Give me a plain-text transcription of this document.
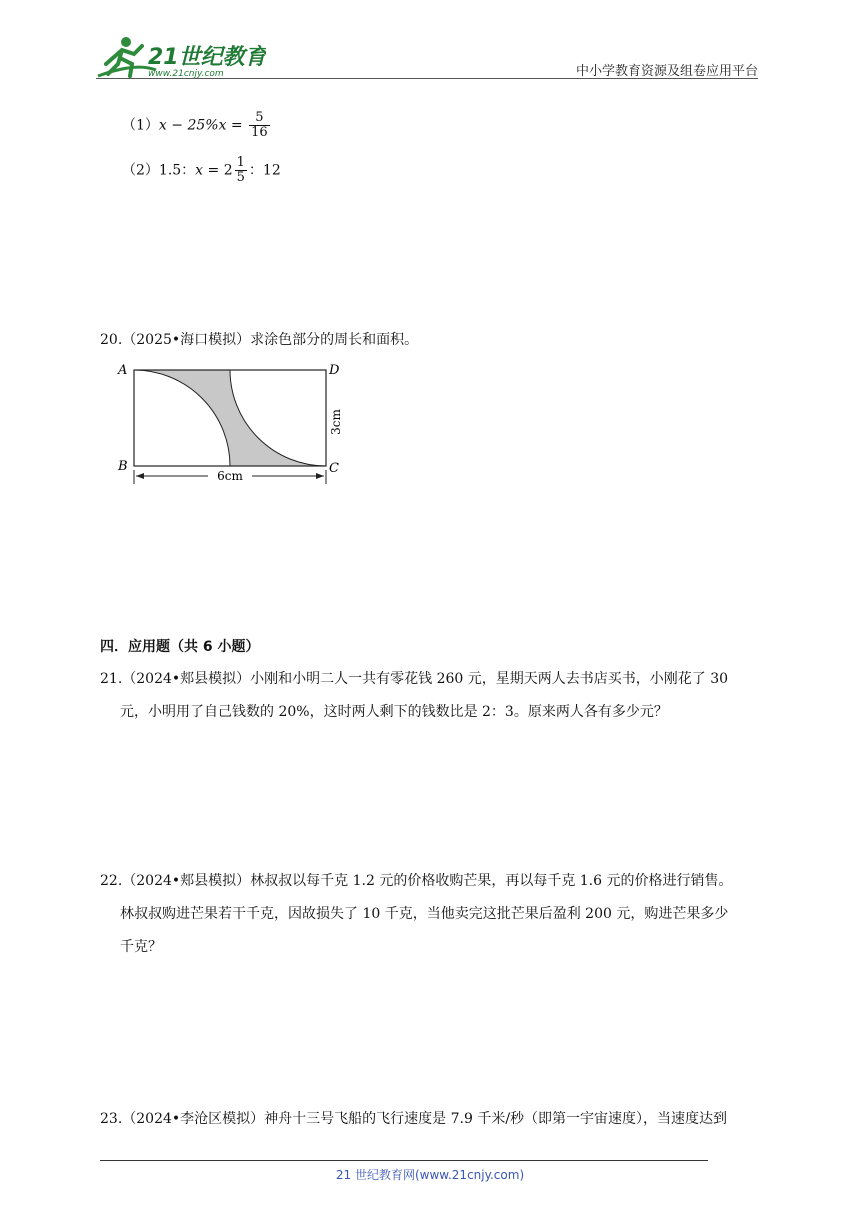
21世纪教育
www.21cnjy.com	中小学教育资源及组卷应用平台
$(1)x - 25\%x = \frac{5}{16}$
（2）1.5：$x = 2 \frac{1}{5}$ ：12
20.（2025•海口模拟）求涂色部分的周长和面积。
A
B	C
D
3cm
6cm
四．应用题（共 6 小题）
21.（2024•郏县模拟）小刚和小明二人一共有零花钱 260 元，星期天两人去书店买书，小刚花了 30
元，小明用了自己钱数的 20%，这时两人剩下的钱数比是 2：3。原来两人各有多少元？
22.（2024•郏县模拟）林叔叔以每千克 1.2 元的价格收购芒果，再以每千克 1.6 元的价格进行销售。
林叔叔购进芒果若干千克，因故损失了 10 千克，当他卖完这批芒果后盈利 200 元，购进芒果多少
千克？
23.（2024•李沧区模拟）神舟十三号飞船的飞行速度是 7.9 千米/秒（即第一宇宙速度），当速度达到
21 世纪教育网(www.21cnjy.com)
